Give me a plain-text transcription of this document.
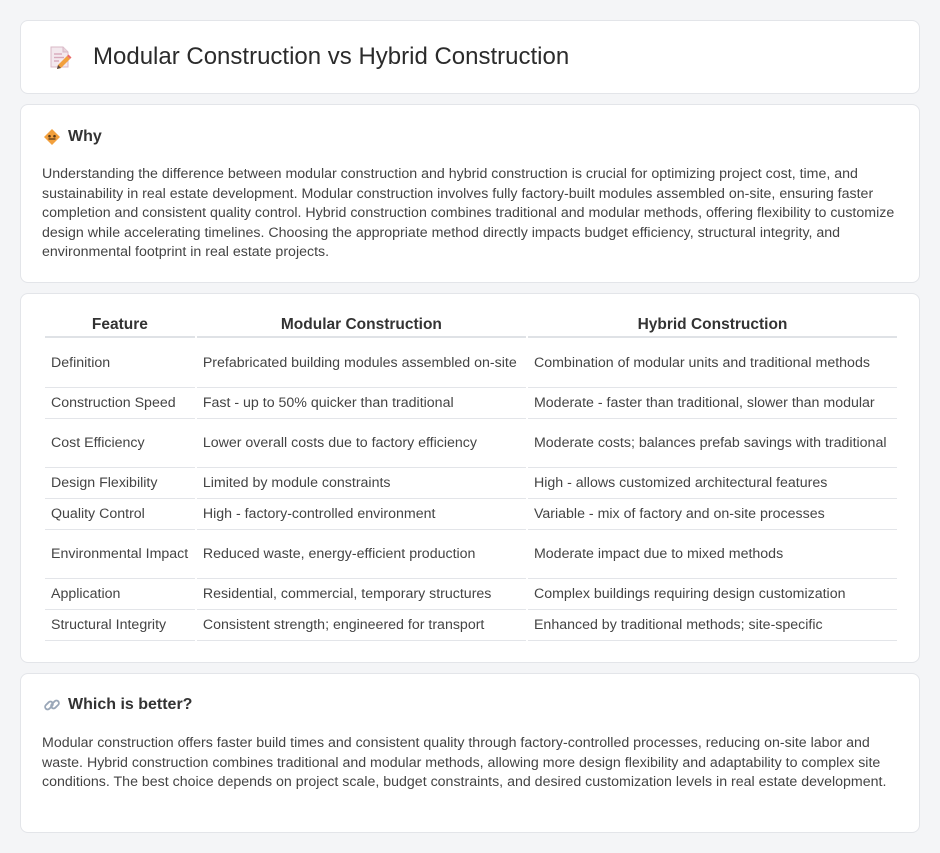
Modular Construction vs Hybrid Construction
Why

Understanding the difference between modular construction and hybrid construction is crucial for optimizing project cost, time, and sustainability in real estate development. Modular construction involves fully factory-built modules assembled on-site, ensuring faster completion and consistent quality control. Hybrid construction combines traditional and modular methods, offering flexibility to customize design while accelerating timelines. Choosing the appropriate method directly impacts budget efficiency, structural integrity, and environmental footprint in real estate projects.

Feature	Modular Construction	Hybrid Construction
Definition	Prefabricated building modules assembled on-site	Combination of modular units and traditional methods
Construction Speed	Fast - up to 50% quicker than traditional	Moderate - faster than traditional, slower than modular
Cost Efficiency	Lower overall costs due to factory efficiency	Moderate costs; balances prefab savings with traditional
Design Flexibility	Limited by module constraints	High - allows customized architectural features
Quality Control	High - factory-controlled environment	Variable - mix of factory and on-site processes
Environmental Impact	Reduced waste, energy-efficient production	Moderate impact due to mixed methods
Application	Residential, commercial, temporary structures	Complex buildings requiring design customization
Structural Integrity	Consistent strength; engineered for transport	Enhanced by traditional methods; site-specific
Which is better?

Modular construction offers faster build times and consistent quality through factory-controlled processes, reducing on-site labor and waste. Hybrid construction combines traditional and modular methods, allowing more design flexibility and adaptability to complex site conditions. The best choice depends on project scale, budget constraints, and desired customization levels in real estate development.
